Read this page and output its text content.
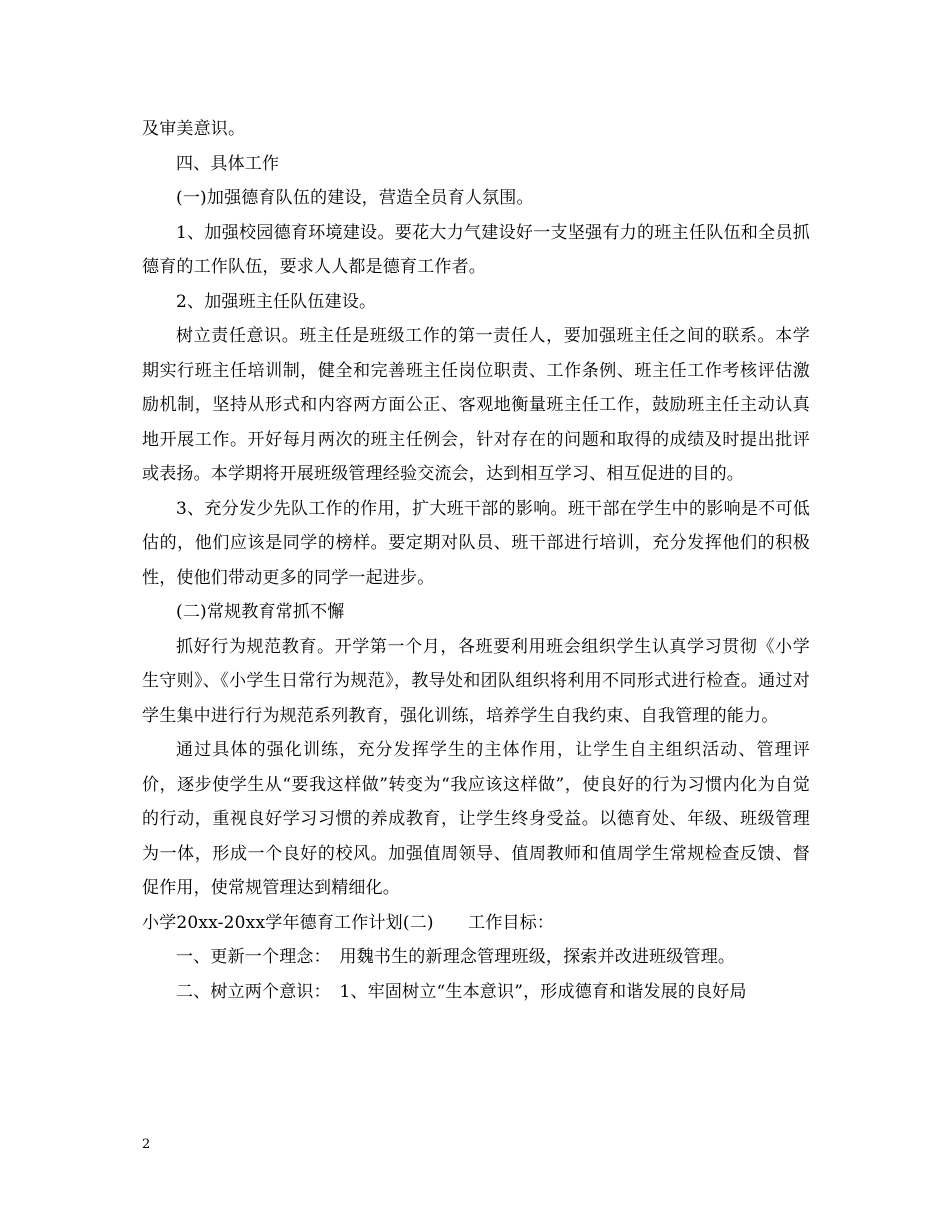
及审美意识。

四、具体工作

(一)加强德育队伍的建设，营造全员育人氛围。

1、加强校园德育环境建设。要花大力气建设好一支坚强有力的班主任队伍和全员抓德育的工作队伍，要求人人都是德育工作者。

2、加强班主任队伍建设。

树立责任意识。班主任是班级工作的第一责任人，要加强班主任之间的联系。本学期实行班主任培训制，健全和完善班主任岗位职责、工作条例、班主任工作考核评估激励机制，坚持从形式和内容两方面公正、客观地衡量班主任工作，鼓励班主任主动认真地开展工作。开好每月两次的班主任例会，针对存在的问题和取得的成绩及时提出批评或表扬。本学期将开展班级管理经验交流会，达到相互学习、相互促进的目的。

3、充分发少先队工作的作用，扩大班干部的影响。班干部在学生中的影响是不可低估的，他们应该是同学的榜样。要定期对队员、班干部进行培训，充分发挥他们的积极性，使他们带动更多的同学一起进步。

(二)常规教育常抓不懈

抓好行为规范教育。开学第一个月，各班要利用班会组织学生认真学习贯彻《小学生守则》、《小学生日常行为规范》，教导处和团队组织将利用不同形式进行检查。通过对学生集中进行行为规范系列教育，强化训练，培养学生自我约束、自我管理的能力。

通过具体的强化训练，充分发挥学生的主体作用，让学生自主组织活动、管理评价，逐步使学生从“要我这样做”转变为“我应该这样做”，使良好的行为习惯内化为自觉的行动，重视良好学习习惯的养成教育，让学生终身受益。以德育处、年级、班级管理为一体，形成一个良好的校风。加强值周领导、值周教师和值周学生常规检查反馈、督促作用，使常规管理达到精细化。

小学20xx-20xx学年德育工作计划(二)　　工作目标：

一、更新一个理念：　用魏书生的新理念管理班级，探索并改进班级管理。

二、树立两个意识：　1、牢固树立“生本意识”，形成德育和谐发展的良好局

2
